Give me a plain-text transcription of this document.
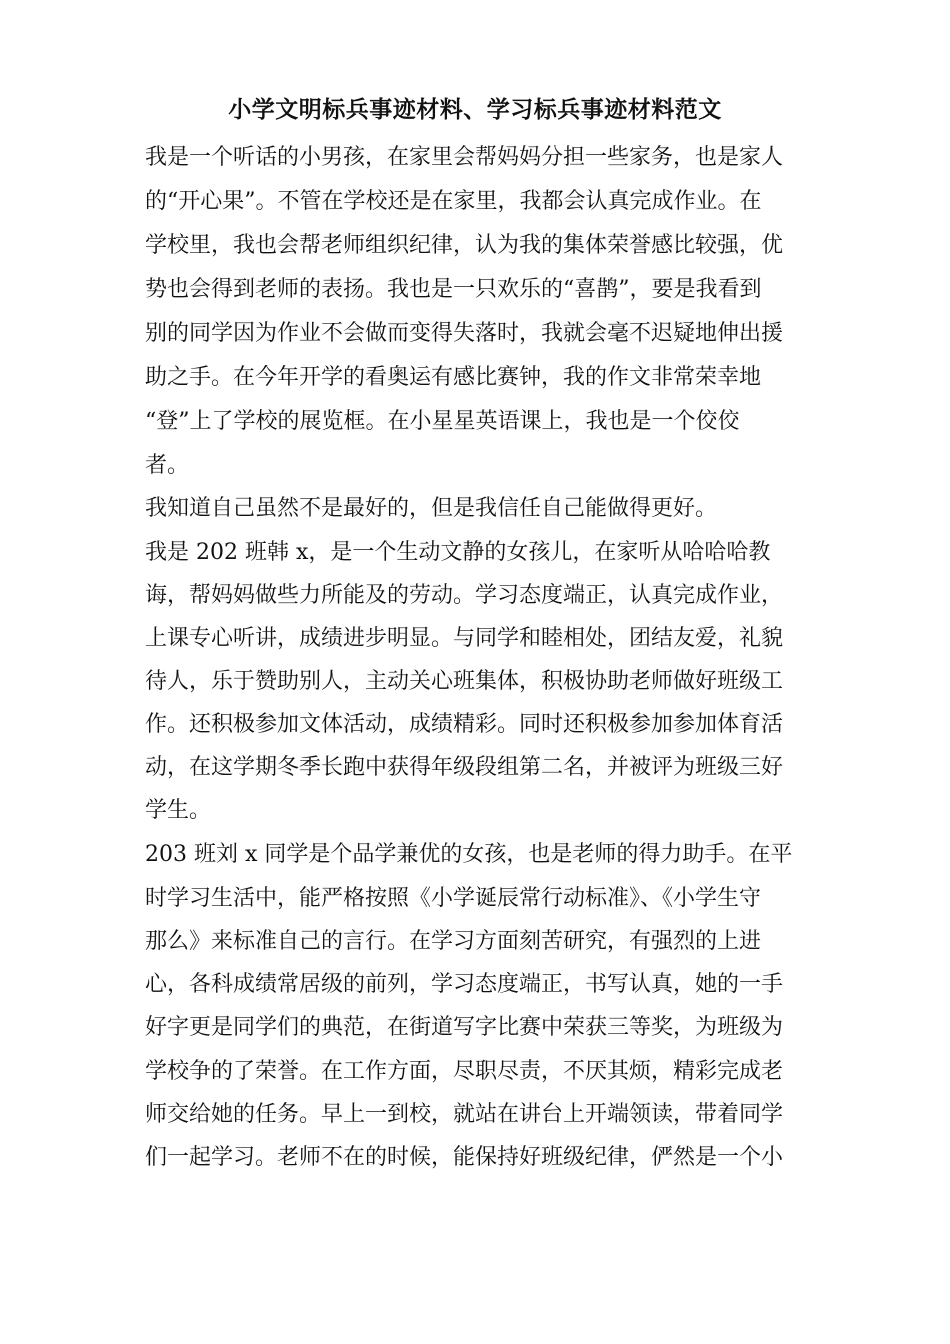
小学文明标兵事迹材料、学习标兵事迹材料范文
我是一个听话的小男孩，在家里会帮妈妈分担一些家务，也是家人
的“开心果”。不管在学校还是在家里，我都会认真完成作业。在
学校里，我也会帮老师组织纪律，认为我的集体荣誉感比较强，优
势也会得到老师的表扬。我也是一只欢乐的“喜鹊”，要是我看到
别的同学因为作业不会做而变得失落时，我就会毫不迟疑地伸出援
助之手。在今年开学的看奥运有感比赛钟，我的作文非常荣幸地
“登”上了学校的展览框。在小星星英语课上，我也是一个佼佼
者。
我知道自己虽然不是最好的，但是我信任自己能做得更好。
我是 202 班韩 x，是一个生动文静的女孩儿，在家听从哈哈哈教
诲，帮妈妈做些力所能及的劳动。学习态度端正，认真完成作业，
上课专心听讲，成绩进步明显。与同学和睦相处，团结友爱，礼貌
待人，乐于赞助别人，主动关心班集体，积极协助老师做好班级工
作。还积极参加文体活动，成绩精彩。同时还积极参加参加体育活
动，在这学期冬季长跑中获得年级段组第二名，并被评为班级三好
学生。
203 班刘 x 同学是个品学兼优的女孩，也是老师的得力助手。在平
时学习生活中，能严格按照《小学诞辰常行动标准》、《小学生守
那么》来标准自己的言行。在学习方面刻苦研究，有强烈的上进
心，各科成绩常居级的前列，学习态度端正，书写认真，她的一手
好字更是同学们的典范，在街道写字比赛中荣获三等奖，为班级为
学校争的了荣誉。在工作方面，尽职尽责，不厌其烦，精彩完成老
师交给她的任务。早上一到校，就站在讲台上开端领读，带着同学
们一起学习。老师不在的时候，能保持好班级纪律，俨然是一个小
